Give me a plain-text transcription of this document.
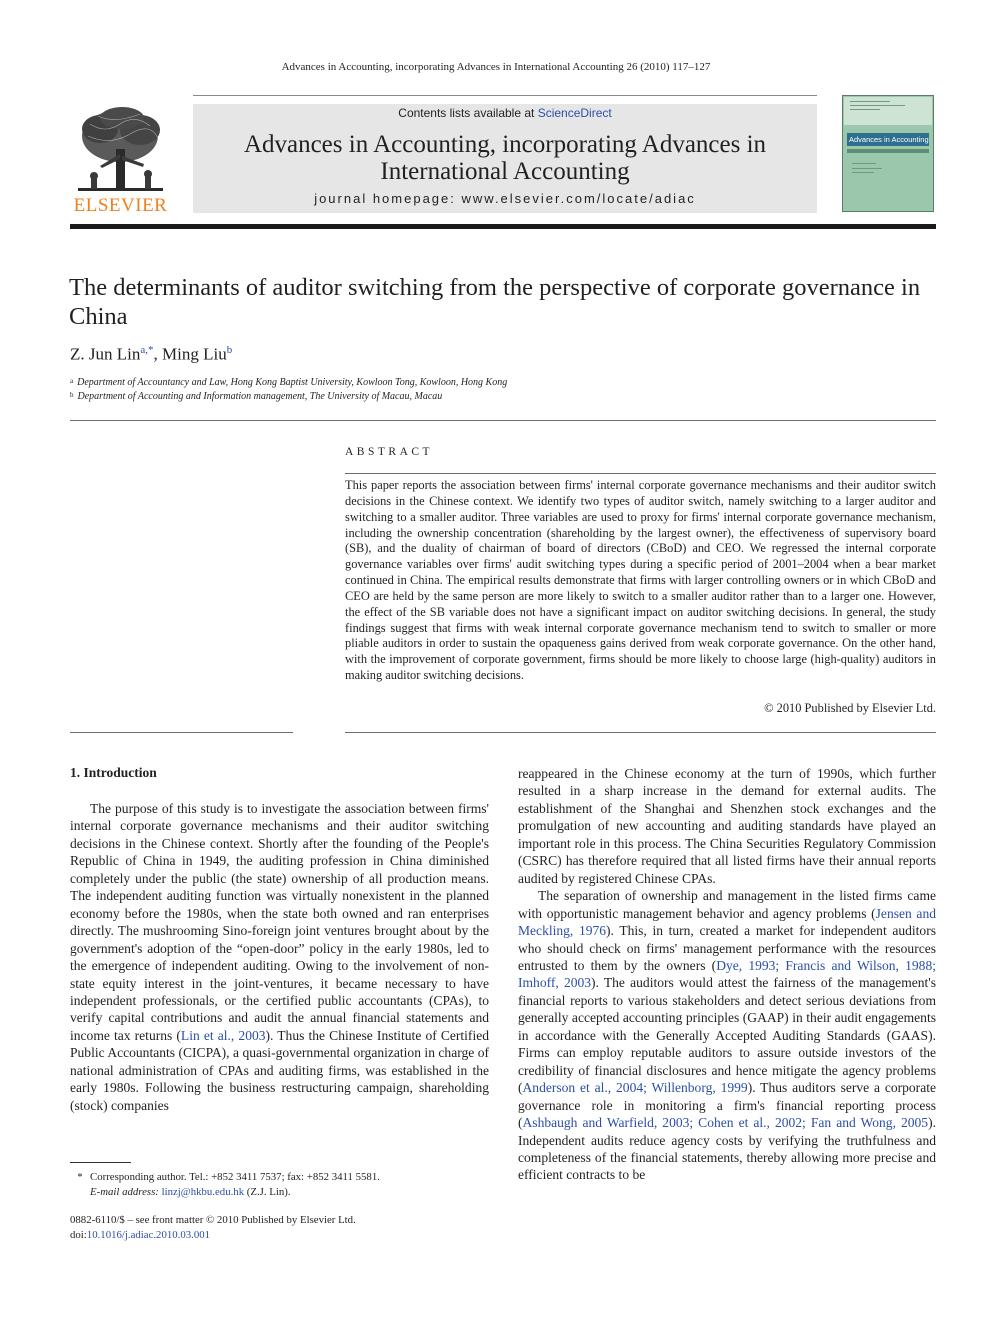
Advances in Accounting, incorporating Advances in International Accounting 26 (2010) 117–127
ELSEVIER
Contents lists available at ScienceDirect
Advances in Accounting, incorporating Advances in
International Accounting
journal homepage: www.elsevier.com/locate/adiac
Advances in Accounting
The determinants of auditor switching from the perspective of corporate governance in China
Z. Jun Lin$^{a,*}$, Ming Liu$^b$
$^a$ Department of Accountancy and Law, Hong Kong Baptist University, Kowloon Tong, Kowloon, Hong Kong
$^b$ Department of Accounting and Information management, The University of Macau, Macau
ABSTRACT
This paper reports the association between firms' internal corporate governance mechanisms and their auditor switch decisions in the Chinese context. We identify two types of auditor switch, namely switching to a larger auditor and switching to a smaller auditor. Three variables are used to proxy for firms' internal corporate governance mechanism, including the ownership concentration (shareholding by the largest owner), the effectiveness of supervisory board (SB), and the duality of chairman of board of directors (CBoD) and CEO. We regressed the internal corporate governance variables over firms' audit switching types during a specific period of 2001–2004 when a bear market continued in China. The empirical results demonstrate that firms with larger controlling owners or in which CBoD and CEO are held by the same person are more likely to switch to a smaller auditor rather than to a larger one. However, the effect of the SB variable does not have a significant impact on auditor switching decisions. In general, the study findings suggest that firms with weak internal corporate governance mechanism tend to switch to smaller or more pliable auditors in order to sustain the opaqueness gains derived from weak corporate governance. On the other hand, with the improvement of corporate government, firms should be more likely to choose large (high-quality) auditors in making auditor switching decisions.
© 2010 Published by Elsevier Ltd.
1. Introduction

The purpose of this study is to investigate the association between firms' internal corporate governance mechanisms and their auditor switching decisions in the Chinese context. Shortly after the founding of the People's Republic of China in 1949, the auditing profession in China diminished completely under the public (the state) ownership of all production means. The independent auditing function was virtually nonexistent in the planned economy before the 1980s, when the state both owned and ran enterprises directly. The mushrooming Sino-foreign joint ventures brought about by the government's adoption of the “open-door” policy in the early 1980s, led to the emergence of independent auditing. Owing to the involvement of non-state equity interest in the joint-ventures, it became necessary to have independent professionals, or the certified public accountants (CPAs), to verify capital contributions and audit the annual financial statements and income tax returns (Lin et al., 2003). Thus the Chinese Institute of Certified Public Accountants (CICPA), a quasi-governmental organization in charge of national administration of CPAs and auditing firms, was established in the early 1980s. Following the business restructuring campaign, shareholding (stock) companies

reappeared in the Chinese economy at the turn of 1990s, which further resulted in a sharp increase in the demand for external audits. The establishment of the Shanghai and Shenzhen stock exchanges and the promulgation of new accounting and auditing standards have played an important role in this process. The China Securities Regulatory Commission (CSRC) has therefore required that all listed firms have their annual reports audited by registered Chinese CPAs.

The separation of ownership and management in the listed firms came with opportunistic management behavior and agency problems (Jensen and Meckling, 1976). This, in turn, created a market for independent auditors who should check on firms' management performance with the resources entrusted to them by the owners (Dye, 1993; Francis and Wilson, 1988; Imhoff, 2003). The auditors would attest the fairness of the management's financial reports to various stakeholders and detect serious deviations from generally accepted accounting principles (GAAP) in their audit engagements in accordance with the Generally Accepted Auditing Standards (GAAS). Firms can employ reputable auditors to assure outside investors of the credibility of financial disclosures and hence mitigate the agency problems (Anderson et al., 2004; Willenborg, 1999). Thus auditors serve a corporate governance role in monitoring a firm's financial reporting process (Ashbaugh and Warfield, 2003; Cohen et al., 2002; Fan and Wong, 2005). Independent audits reduce agency costs by verifying the truthfulness and completeness of the financial statements, thereby allowing more precise and efficient contracts to be

* Corresponding author. Tel.: +852 3411 7537; fax: +852 3411 5581.
E-mail address: linzj@hkbu.edu.hk (Z.J. Lin).
0882-6110/$ – see front matter © 2010 Published by Elsevier Ltd.
doi:10.1016/j.adiac.2010.03.001
